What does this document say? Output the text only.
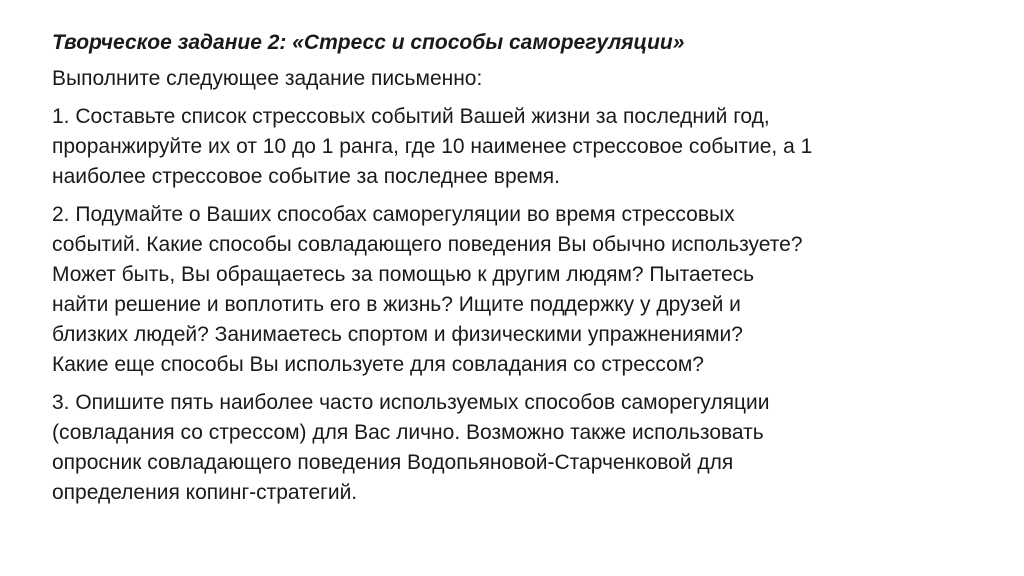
Творческое задание 2: «Стресс и способы саморегуляции»
Выполните следующее задание письменно:
1. Составьте список стрессовых событий Вашей жизни за последний год,
проранжируйте их от 10 до 1 ранга, где 10 наименее стрессовое событие, а 1
наиболее стрессовое событие за последнее время.
2. Подумайте о Ваших способах саморегуляции во время стрессовых
событий. Какие способы совладающего поведения Вы обычно используете?
Может быть, Вы обращаетесь за помощью к другим людям? Пытаетесь
найти решение и воплотить его в жизнь? Ищите поддержку у друзей и
близких людей? Занимаетесь спортом и физическими упражнениями?
Какие еще способы Вы используете для совладания со стрессом?
3. Опишите пять наиболее часто используемых способов саморегуляции
(совладания со стрессом) для Вас лично. Возможно также использовать
опросник совладающего поведения Водопьяновой-Старченковой для
определения копинг-стратегий.
